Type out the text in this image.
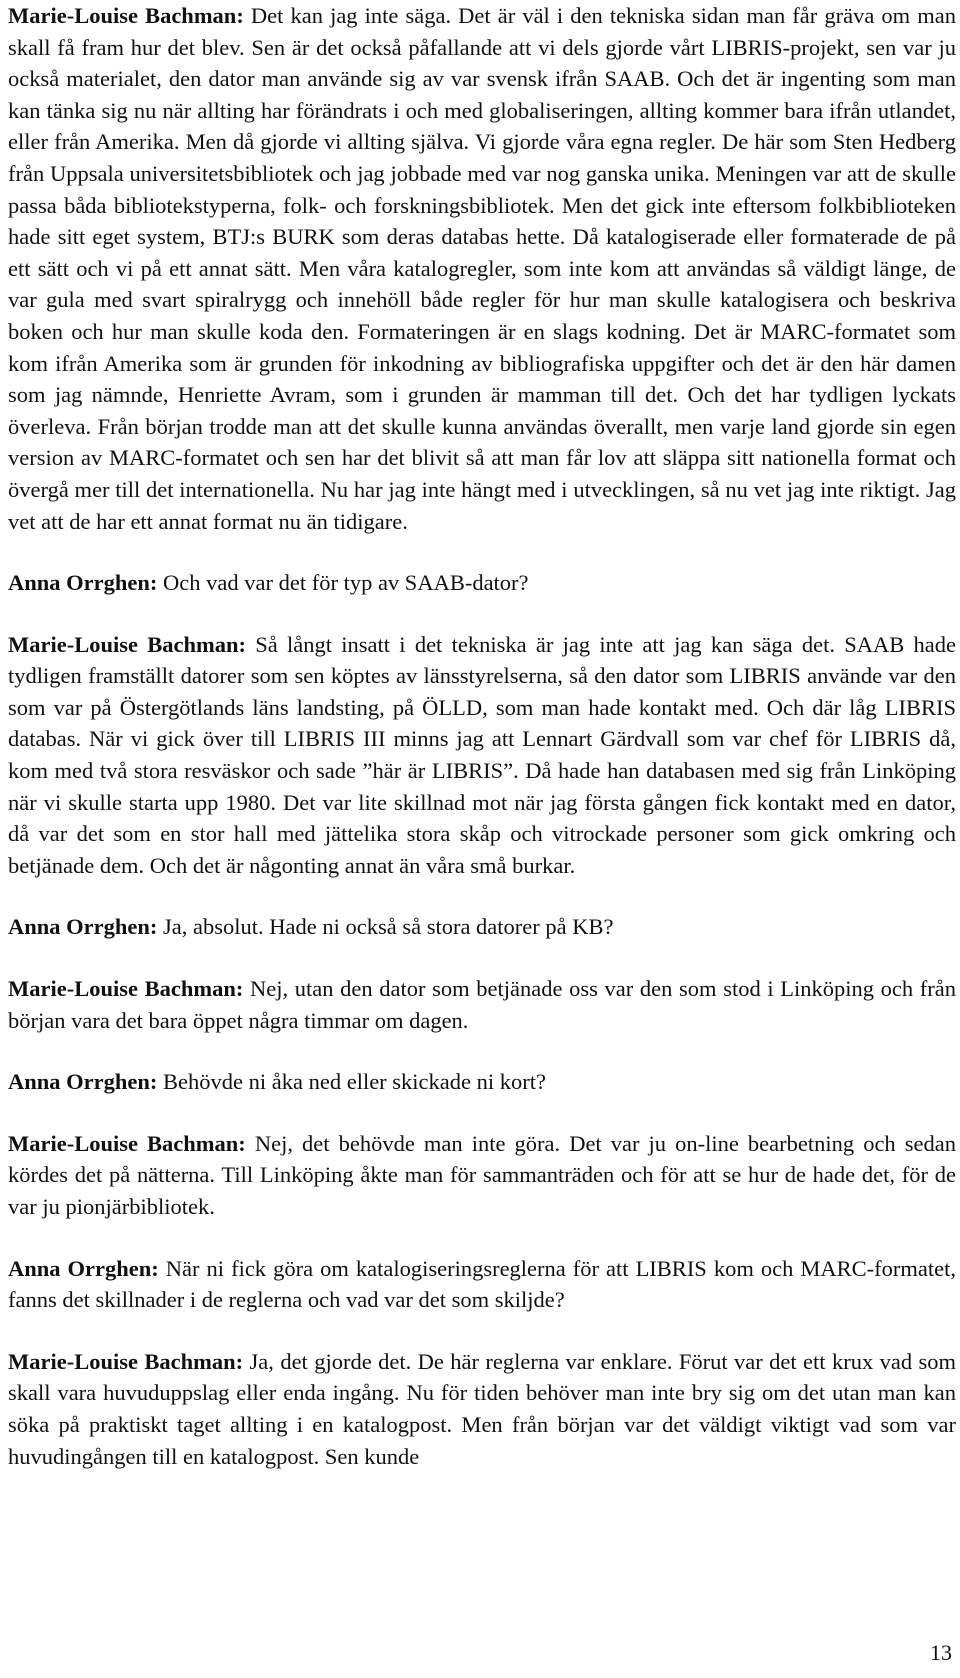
Marie-Louise Bachman: Det kan jag inte säga. Det är väl i den tekniska sidan man får gräva om man skall få fram hur det blev. Sen är det också påfallande att vi dels gjorde vårt LIBRIS-projekt, sen var ju också materialet, den dator man använde sig av var svensk ifrån SAAB. Och det är ingenting som man kan tänka sig nu när allting har förändrats i och med globaliseringen, allting kommer bara ifrån utlandet, eller från Amerika. Men då gjorde vi allting själva. Vi gjorde våra egna regler. De här som Sten Hedberg från Uppsala universitetsbibliotek och jag jobbade med var nog ganska unika. Meningen var att de skulle passa båda bibliotekstyperna, folk- och forskningsbibliotek. Men det gick inte eftersom folkbiblioteken hade sitt eget system, BTJ:s BURK som deras databas hette. Då katalogiserade eller formaterade de på ett sätt och vi på ett annat sätt. Men våra katalogregler, som inte kom att användas så väldigt länge, de var gula med svart spiralrygg och innehöll både regler för hur man skulle katalogisera och beskriva boken och hur man skulle koda den. Formateringen är en slags kodning. Det är MARC-formatet som kom ifrån Amerika som är grunden för inkodning av bibliografiska uppgifter och det är den här damen som jag nämnde, Henriette Avram, som i grunden är mamman till det. Och det har tydligen lyckats överleva. Från början trodde man att det skulle kunna användas överallt, men varje land gjorde sin egen version av MARC-formatet och sen har det blivit så att man får lov att släppa sitt nationella format och övergå mer till det internationella. Nu har jag inte hängt med i utvecklingen, så nu vet jag inte riktigt. Jag vet att de har ett annat format nu än tidigare.

Anna Orrghen: Och vad var det för typ av SAAB-dator?

Marie-Louise Bachman: Så långt insatt i det tekniska är jag inte att jag kan säga det. SAAB hade tydligen framställt datorer som sen köptes av länsstyrelserna, så den dator som LIBRIS använde var den som var på Östergötlands läns landsting, på ÖLLD, som man hade kontakt med. Och där låg LIBRIS databas. När vi gick över till LIBRIS III minns jag att Lennart Gärdvall som var chef för LIBRIS då, kom med två stora resväskor och sade ”här är LIBRIS”. Då hade han databasen med sig från Linköping när vi skulle starta upp 1980. Det var lite skillnad mot när jag första gången fick kontakt med en dator, då var det som en stor hall med jättelika stora skåp och vitrockade personer som gick omkring och betjänade dem. Och det är någonting annat än våra små burkar.

Anna Orrghen: Ja, absolut. Hade ni också så stora datorer på KB?

Marie-Louise Bachman: Nej, utan den dator som betjänade oss var den som stod i Linköping och från början vara det bara öppet några timmar om dagen.

Anna Orrghen: Behövde ni åka ned eller skickade ni kort?

Marie-Louise Bachman: Nej, det behövde man inte göra. Det var ju on-line bearbetning och sedan kördes det på nätterna. Till Linköping åkte man för sammanträden och för att se hur de hade det, för de var ju pionjärbibliotek.

Anna Orrghen: När ni fick göra om katalogiseringsreglerna för att LIBRIS kom och MARC-formatet, fanns det skillnader i de reglerna och vad var det som skiljde?

Marie-Louise Bachman: Ja, det gjorde det. De här reglerna var enklare. Förut var det ett krux vad som skall vara huvuduppslag eller enda ingång. Nu för tiden behöver man inte bry sig om det utan man kan söka på praktiskt taget allting i en katalogpost. Men från början var det väldigt viktigt vad som var huvudingången till en katalogpost. Sen kunde

13
